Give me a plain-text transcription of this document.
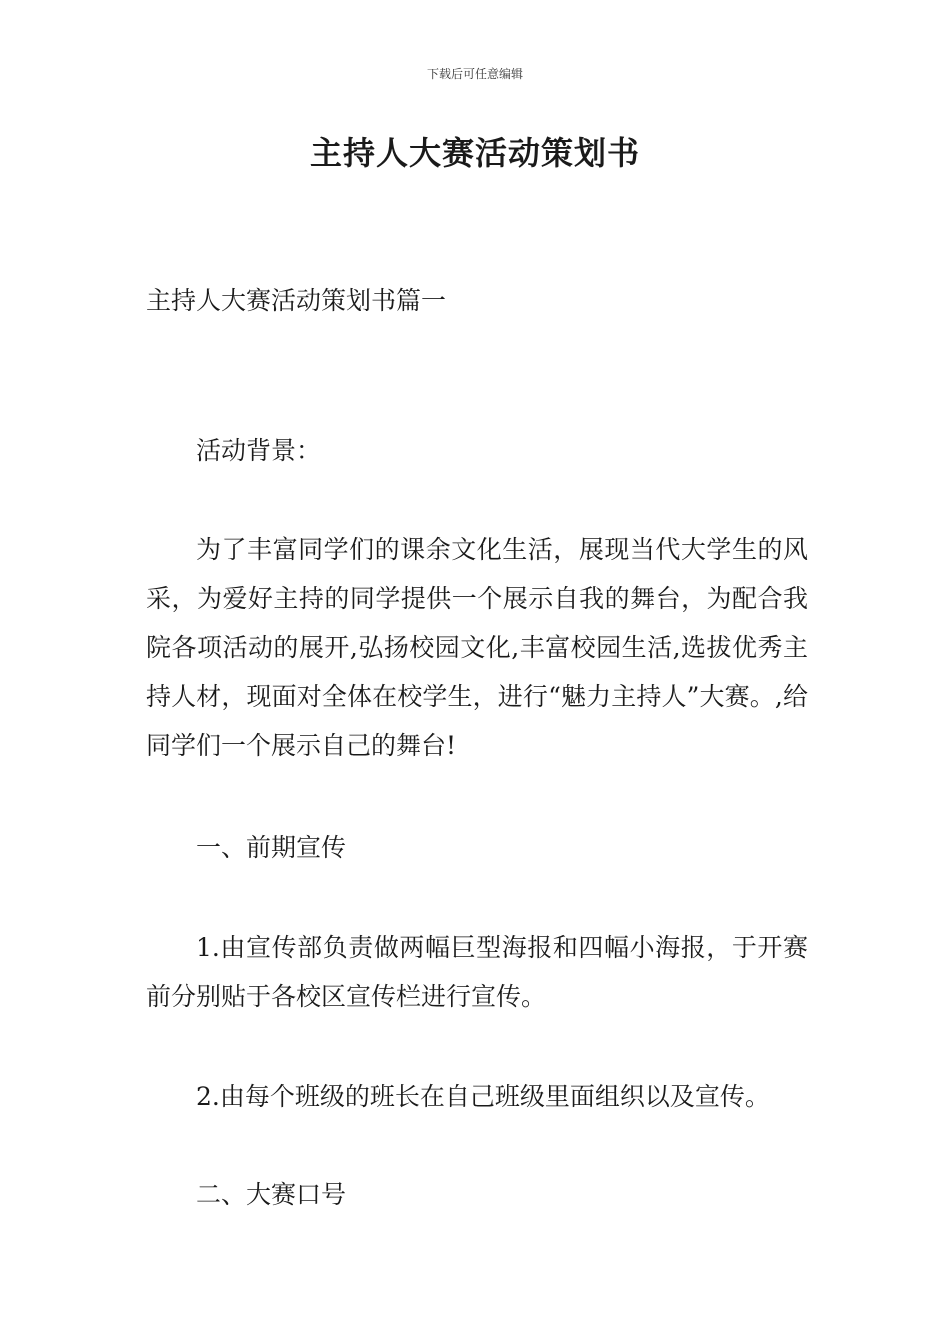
下载后可任意编辑
主持人大赛活动策划书
主持人大赛活动策划书篇一
活动背景：
为了丰富同学们的课余文化生活，展现当代大学生的风采，为爱好主持的同学提供一个展示自我的舞台，为配合我院各项活动的展开,弘扬校园文化,丰富校园生活,选拔优秀主持人材，现面对全体在校学生，进行“魅力主持人”大赛。,给同学们一个展示自己的舞台!
一、前期宣传
1.由宣传部负责做两幅巨型海报和四幅小海报，于开赛前分别贴于各校区宣传栏进行宣传。
2.由每个班级的班长在自己班级里面组织以及宣传。
二、大赛口号
